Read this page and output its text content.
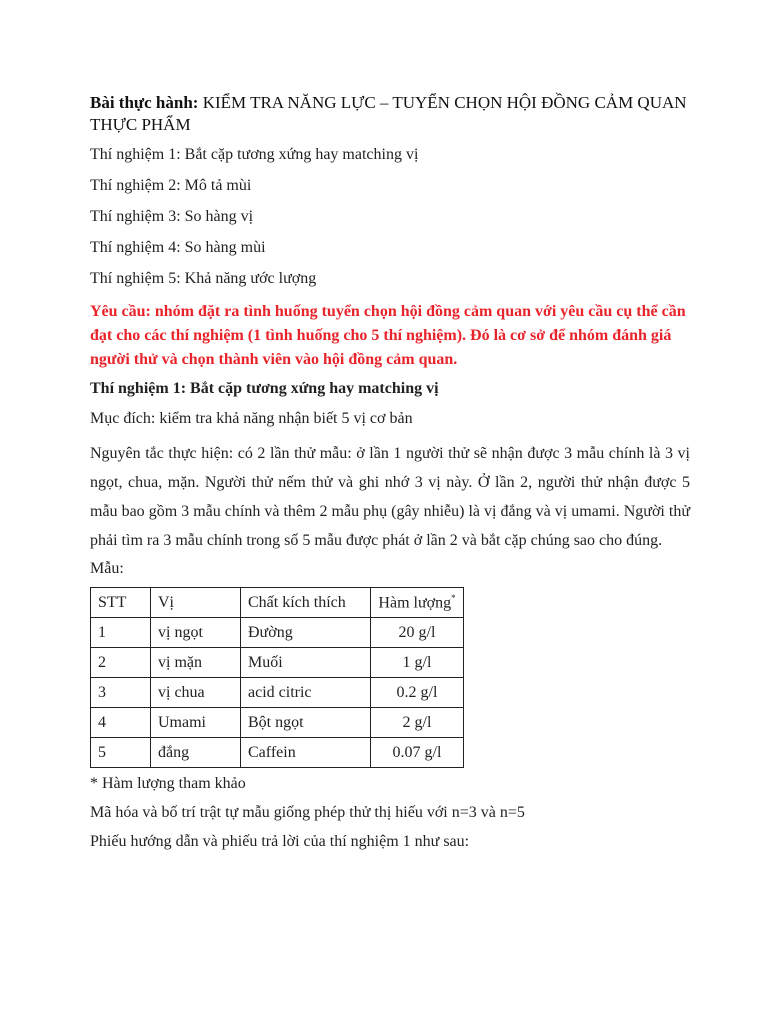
Bài thực hành: KIỂM TRA NĂNG LỰC – TUYỂN CHỌN HỘI ĐỒNG CẢM QUAN THỰC PHẨM

Thí nghiệm 1: Bắt cặp tương xứng hay matching vị

Thí nghiệm 2: Mô tả mùi

Thí nghiệm 3: So hàng vị

Thí nghiệm 4: So hàng mùi

Thí nghiệm 5: Khả năng ước lượng

Yêu cầu: nhóm đặt ra tình huống tuyển chọn hội đồng cảm quan với yêu cầu cụ thể cần đạt cho các thí nghiệm (1 tình huống cho 5 thí nghiệm). Đó là cơ sở để nhóm đánh giá người thử và chọn thành viên vào hội đồng cảm quan.

Thí nghiệm 1: Bắt cặp tương xứng hay matching vị

Mục đích: kiểm tra khả năng nhận biết 5 vị cơ bản

Nguyên tắc thực hiện: có 2 lần thử mẫu: ở lần 1 người thử sẽ nhận được 3 mẫu chính là 3 vị ngọt, chua, mặn. Người thử nếm thử và ghi nhớ 3 vị này. Ở lần 2, người thử nhận được 5 mẫu bao gồm 3 mẫu chính và thêm 2 mẫu phụ (gây nhiễu) là vị đắng và vị umami. Người thử phải tìm ra 3 mẫu chính trong số 5 mẫu được phát ở lần 2 và bắt cặp chúng sao cho đúng.

Mẫu:

STT	Vị	Chất kích thích	Hàm lượng*
1	vị ngọt	Đường	20 g/l
2	vị mặn	Muối	1 g/l
3	vị chua	acid citric	0.2 g/l
4	Umami	Bột ngọt	2 g/l
5	đắng	Caffein	0.07 g/l

* Hàm lượng tham khảo

Mã hóa và bố trí trật tự mẫu giống phép thử thị hiếu với n=3 và n=5

Phiếu hướng dẫn và phiếu trả lời của thí nghiệm 1 như sau:
